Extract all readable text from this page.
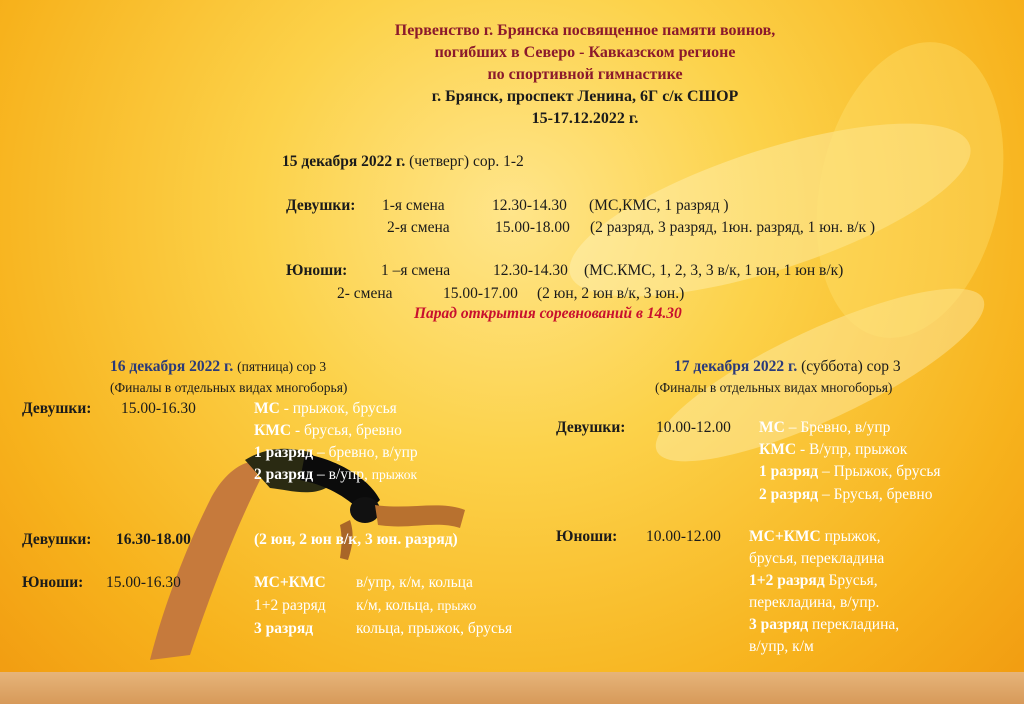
Первенство г. Брянска посвященное памяти воинов,
погибших в Северо - Кавказском регионе
по спортивной гимнастике
г. Брянск, проспект Ленина, 6Г с/к СШОР
15-17.12.2022 г.
15 декабря 2022 г. (четверг) сор. 1-2
Девушки: 1-я смена	12.30-14.30 (МС,КМС, 1 разряд )
2-я смена	15.00-18.00 (2 разряд, 3 разряд, 1юн. разряд, 1 юн. в/к )
Юноши: 1 –я смена	12.30-14.30 (МС.КМС, 1, 2, 3, 3 в/к, 1 юн, 1 юн в/к)
2- смена	15.00-17.00 (2 юн, 2 юн в/к, 3 юн.)
Парад открытия соревнований в 14.30
16 декабря 2022 г. (пятница) сор 3
(Финалы в отдельных видах многоборья)
Девушки: 15.00-16.30	МС - прыжок, брусья
КМС - брусья, бревно
1 разряд – бревно, в/упр
2 разряд – в/упр, прыжок
Девушки: 16.30-18.00	(2 юн, 2 юн в/к, 3 юн. разряд)
Юноши: 15.00-16.30	МС+КМС в/упр, к/м, кольца
1+2 разряд к/м, кольца, прыжо
3 разряд	кольца, прыжок, брусья
17 декабря 2022 г. (суббота) сор 3
(Финалы в отдельных видах многоборья)
Девушки: 10.00-12.00 МС – Бревно, в/упр
КМС - В/упр, прыжок
1 разряд – Прыжок, брусья
2 разряд – Брусья, бревно
Юноши: 10.00-12.00 МС+КМС прыжок,
брусья, перекладина
1+2 разряд Брусья,
перекладина, в/упр.
3 разряд перекладина,
в/упр, к/м
